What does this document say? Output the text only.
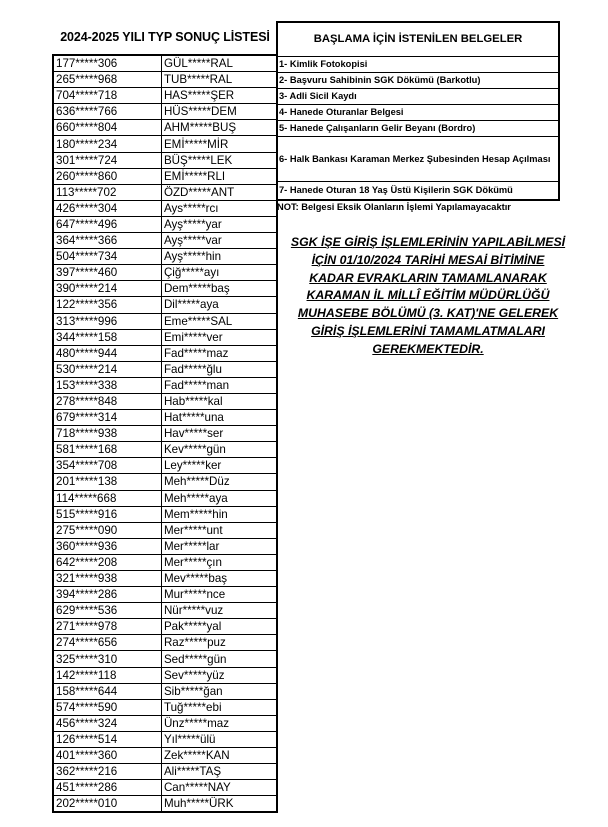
2024-2025 YILI TYP SONUÇ LİSTESİ
177*****306	GÜL*****RAL
265*****968	TUB*****RAL
704*****718	HAS*****ŞER
636*****766	HÜS*****DEM
660*****804	AHM*****BUŞ
180*****234	EMİ*****MİR
301*****724	BÜŞ*****LEK
260*****860	EMİ*****RLI
113*****702	ÖZD*****ANT
426*****304	Ays*****rcı
647*****496	Ayş*****yar
364*****366	Ayş*****var
504*****734	Ayş*****hin
397*****460	Çiğ*****ayı
390*****214	Dem*****baş
122*****356	Dil*****aya
313*****996	Eme*****SAL
344*****158	Emi*****ver
480*****944	Fad*****maz
530*****214	Fad*****ğlu
153*****338	Fad*****man
278*****848	Hab*****kal
679*****314	Hat*****una
718*****938	Hav*****ser
581*****168	Kev*****gün
354*****708	Ley*****ker
201*****138	Meh*****Düz
114*****668	Meh*****aya
515*****916	Mem*****hin
275*****090	Mer*****unt
360*****936	Mer*****lar
642*****208	Mer*****çın
321*****938	Mev*****baş
394*****286	Mur*****nce
629*****536	Nür*****vuz
271*****978	Pak*****yal
274*****656	Raz*****puz
325*****310	Sed*****gün
142*****118	Sev*****yüz
158*****644	Sib*****ğan
574*****590	Tuğ*****ebi
456*****324	Ünz*****maz
126*****514	Yıl*****ülü
401*****360	Zek*****KAN
362*****216	Ali*****TAŞ
451*****286	Can*****NAY
202*****010	Muh*****ÜRK
BAŞLAMA İÇİN İSTENİLEN BELGELER
1- Kimlik Fotokopisi
2- Başvuru Sahibinin SGK Dökümü (Barkotlu)
3- Adli Sicil Kaydı
4- Hanede Oturanlar Belgesi
5- Hanede Çalışanların Gelir Beyanı (Bordro)
6- Halk Bankası Karaman Merkez Şubesinden Hesap Açılması
7- Hanede Oturan 18 Yaş Üstü Kişilerin SGK Dökümü
NOT: Belgesi Eksik Olanların İşlemi Yapılamayacaktır
SGK İŞE GİRİŞ İŞLEMLERİNİN YAPILABİLMESİ
İÇİN 01/10/2024 TARİHİ MESAİ BİTİMİNE
KADAR EVRAKLARIN TAMAMLANARAK
KARAMAN İL MİLLÎ EĞİTİM MÜDÜRLÜĞÜ
MUHASEBE BÖLÜMÜ (3. KAT)'NE GELEREK
GİRİŞ İŞLEMLERİNİ TAMAMLATMALARI
GEREKMEKTEDİR.
